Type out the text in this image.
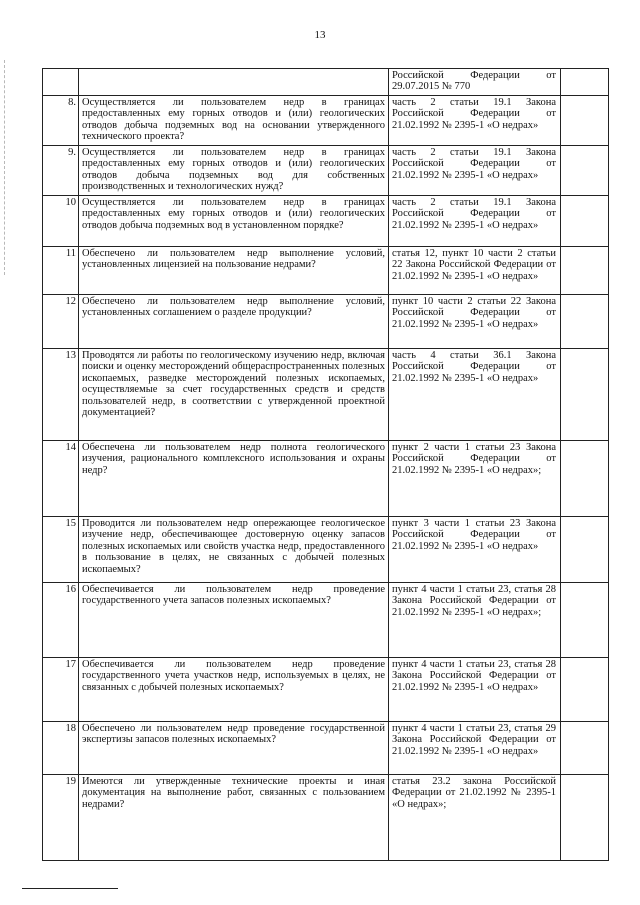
13
		Российской Федерации от 29.07.2015 № 770	
8.	Осуществляется ли пользователем недр в границах предоставленных ему горных отводов и (или) геологических отводов добыча подземных вод на основании утвержденного технического проекта?	часть 2 статьи 19.1 Закона Российской Федерации от 21.02.1992 № 2395-1 «О недрах»	
9.	Осуществляется ли пользователем недр в границах предоставленных ему горных отводов и (или) геологических отводов добыча подземных вод для собственных производственных и технологических нужд?	часть 2 статьи 19.1 Закона Российской Федерации от 21.02.1992 № 2395-1 «О недрах»	
10	Осуществляется ли пользователем недр в границах предоставленных ему горных отводов и (или) геологических отводов добыча подземных вод в установленном порядке?	часть 2 статьи 19.1 Закона Российской Федерации от 21.02.1992 № 2395-1 «О недрах»	
11	Обеспечено ли пользователем недр выполнение условий, установленных лицензией на пользование недрами?	статья 12, пункт 10 части 2 статьи 22 Закона Российской Федерации от 21.02.1992 № 2395-1 «О недрах»	
12	Обеспечено ли пользователем недр выполнение условий, установленных соглашением о разделе продукции?	пункт 10 части 2 статьи 22 Закона Российской Федерации от 21.02.1992 № 2395-1 «О недрах»	
13	Проводятся ли работы по геологическому изучению недр, включая поиски и оценку месторождений общераспространенных полезных ископаемых, разведке месторождений полезных ископаемых, осуществляемые за счет государственных средств и средств пользователей недр, в соответствии с утвержденной проектной документацией?	часть 4 статьи 36.1 Закона Российской Федерации от 21.02.1992 № 2395-1 «О недрах»	
14	Обеспечена ли пользователем недр полнота геологического изучения, рационального комплексного использования и охраны недр?	пункт 2 части 1 статьи 23 Закона Российской Федерации от 21.02.1992 № 2395-1 «О недрах»;	
15	Проводится ли пользователем недр опережающее геологическое изучение недр, обеспечивающее достоверную оценку запасов полезных ископаемых или свойств участка недр, предоставленного в пользование в целях, не связанных с добычей полезных ископаемых?	пункт 3 части 1 статьи 23 Закона Российской Федерации от 21.02.1992 № 2395-1 «О недрах»	
16	Обеспечивается ли пользователем недр проведение государственного учета запасов полезных ископаемых?	пункт 4 части 1 статьи 23, статья 28 Закона Российской Федерации от 21.02.1992 № 2395-1 «О недрах»;	
17	Обеспечивается ли пользователем недр проведение государственного учета участков недр, используемых в целях, не связанных с добычей полезных ископаемых?	пункт 4 части 1 статьи 23, статья 28 Закона Российской Федерации от 21.02.1992 № 2395-1 «О недрах»	
18	Обеспечено ли пользователем недр проведение государственной экспертизы запасов полезных ископаемых?	пункт 4 части 1 статьи 23, статья 29 Закона Российской Федерации от 21.02.1992 № 2395-1 «О недрах»	
19	Имеются ли утвержденные технические проекты и иная документация на выполнение работ, связанных с пользованием недрами?	статья 23.2 закона Российской Федерации от 21.02.1992 № 2395-1 «О недрах»;	
